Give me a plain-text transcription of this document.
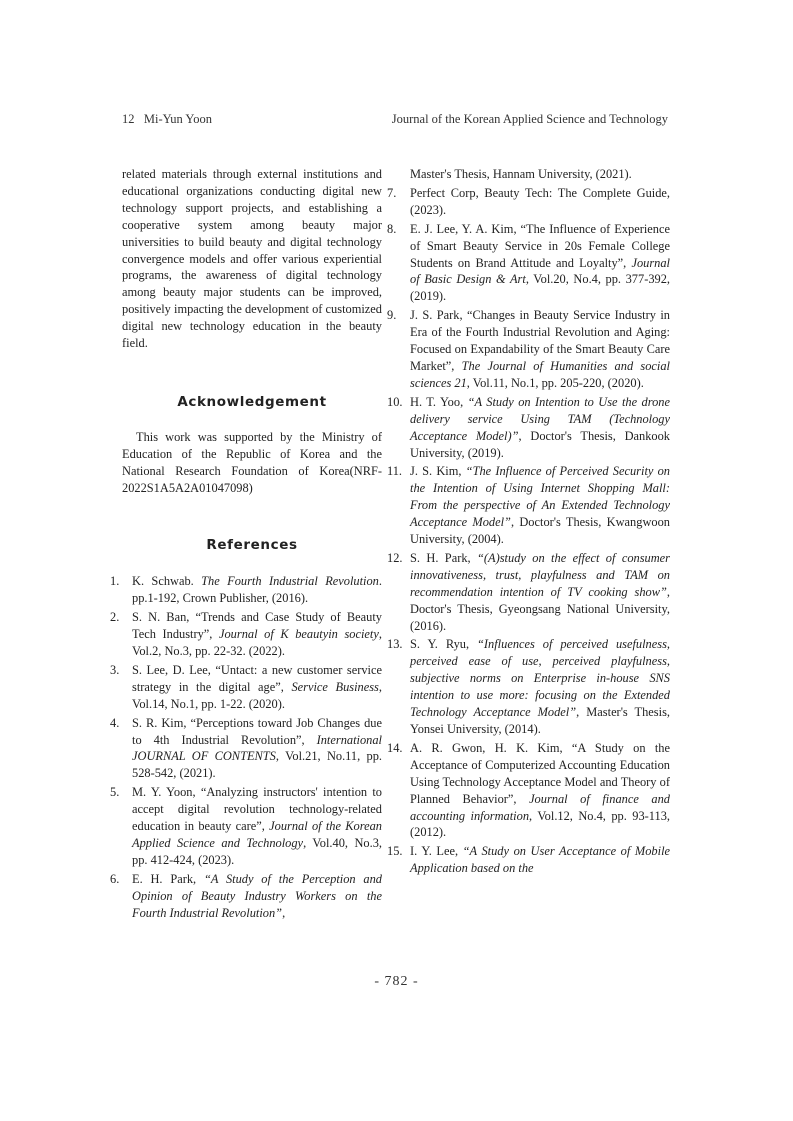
12   Mi-Yun Yoon	Journal of the Korean Applied Science and Technology

related materials through external institutions and educational organizations conducting digital new technology support projects, and establishing a cooperative system among beauty major universities to build beauty and digital technology convergence models and offer various experiential programs, the awareness of digital technology among beauty major students can be improved, positively impacting the development of customized digital new technology education in the beauty field.

Acknowledgement

This work was supported by the Ministry of Education of the Republic of Korea and the National Research Foundation of Korea(NRF-2022S1A5A2A01047098)

References
1. K. Schwab. The Fourth Industrial Revolution. pp.1-192, Crown Publisher, (2016).
2. S. N. Ban, “Trends and Case Study of Beauty Tech Industry”, Journal of K beautyin society, Vol.2, No.3, pp. 22-32. (2022).
3. S. Lee, D. Lee, “Untact: a new customer service strategy in the digital age”, Service Business, Vol.14, No.1, pp. 1-22. (2020).
4. S. R. Kim, “Perceptions toward Job Changes due to 4th Industrial Revolution”, International JOURNAL OF CONTENTS, Vol.21, No.11, pp. 528-542, (2021).
5. M. Y. Yoon, “Analyzing instructors' intention to accept digital revolution technology-related education in beauty care”, Journal of the Korean Applied Science and Technology, Vol.40, No.3, pp. 412-424, (2023).
6. E. H. Park, “A Study of the Perception and Opinion of Beauty Industry Workers on the Fourth Industrial Revolution”,

Master's Thesis, Hannam University, (2021).

7. Perfect Corp, Beauty Tech: The Complete Guide, (2023).
8. E. J. Lee, Y. A. Kim, “The Influence of Experience of Smart Beauty Service in 20s Female College Students on Brand Attitude and Loyalty”, Journal of Basic Design & Art, Vol.20, No.4, pp. 377-392, (2019).
9. J. S. Park, “Changes in Beauty Service Industry in Era of the Fourth Industrial Revolution and Aging: Focused on Expandability of the Smart Beauty Care Market”, The Journal of Humanities and social sciences 21, Vol.11, No.1, pp. 205-220, (2020).
10. H. T. Yoo, “A Study on Intention to Use the drone delivery service Using TAM (Technology Acceptance Model)”, Doctor's Thesis, Dankook University, (2019).
11. J. S. Kim, “The Influence of Perceived Security on the Intention of Using Internet Shopping Mall: From the perspective of An Extended Technology Acceptance Model”, Doctor's Thesis, Kwangwoon University, (2004).
12. S. H. Park, “(A)study on the effect of consumer innovativeness, trust, playfulness and TAM on recommendation intention of TV cooking show”, Doctor's Thesis, Gyeongsang National University, (2016).
13. S. Y. Ryu, “Influences of perceived usefulness, perceived ease of use, perceived playfulness, subjective norms on Enterprise in-house SNS intention to use more: focusing on the Extended Technology Acceptance Model”, Master's Thesis, Yonsei University, (2014).
14. A. R. Gwon, H. K. Kim, “A Study on the Acceptance of Computerized Accounting Education Using Technology Acceptance Model and Theory of Planned Behavior”, Journal of finance and accounting information, Vol.12, No.4, pp. 93-113, (2012).
15. I. Y. Lee, “A Study on User Acceptance of Mobile Application based on the
- 782 -
